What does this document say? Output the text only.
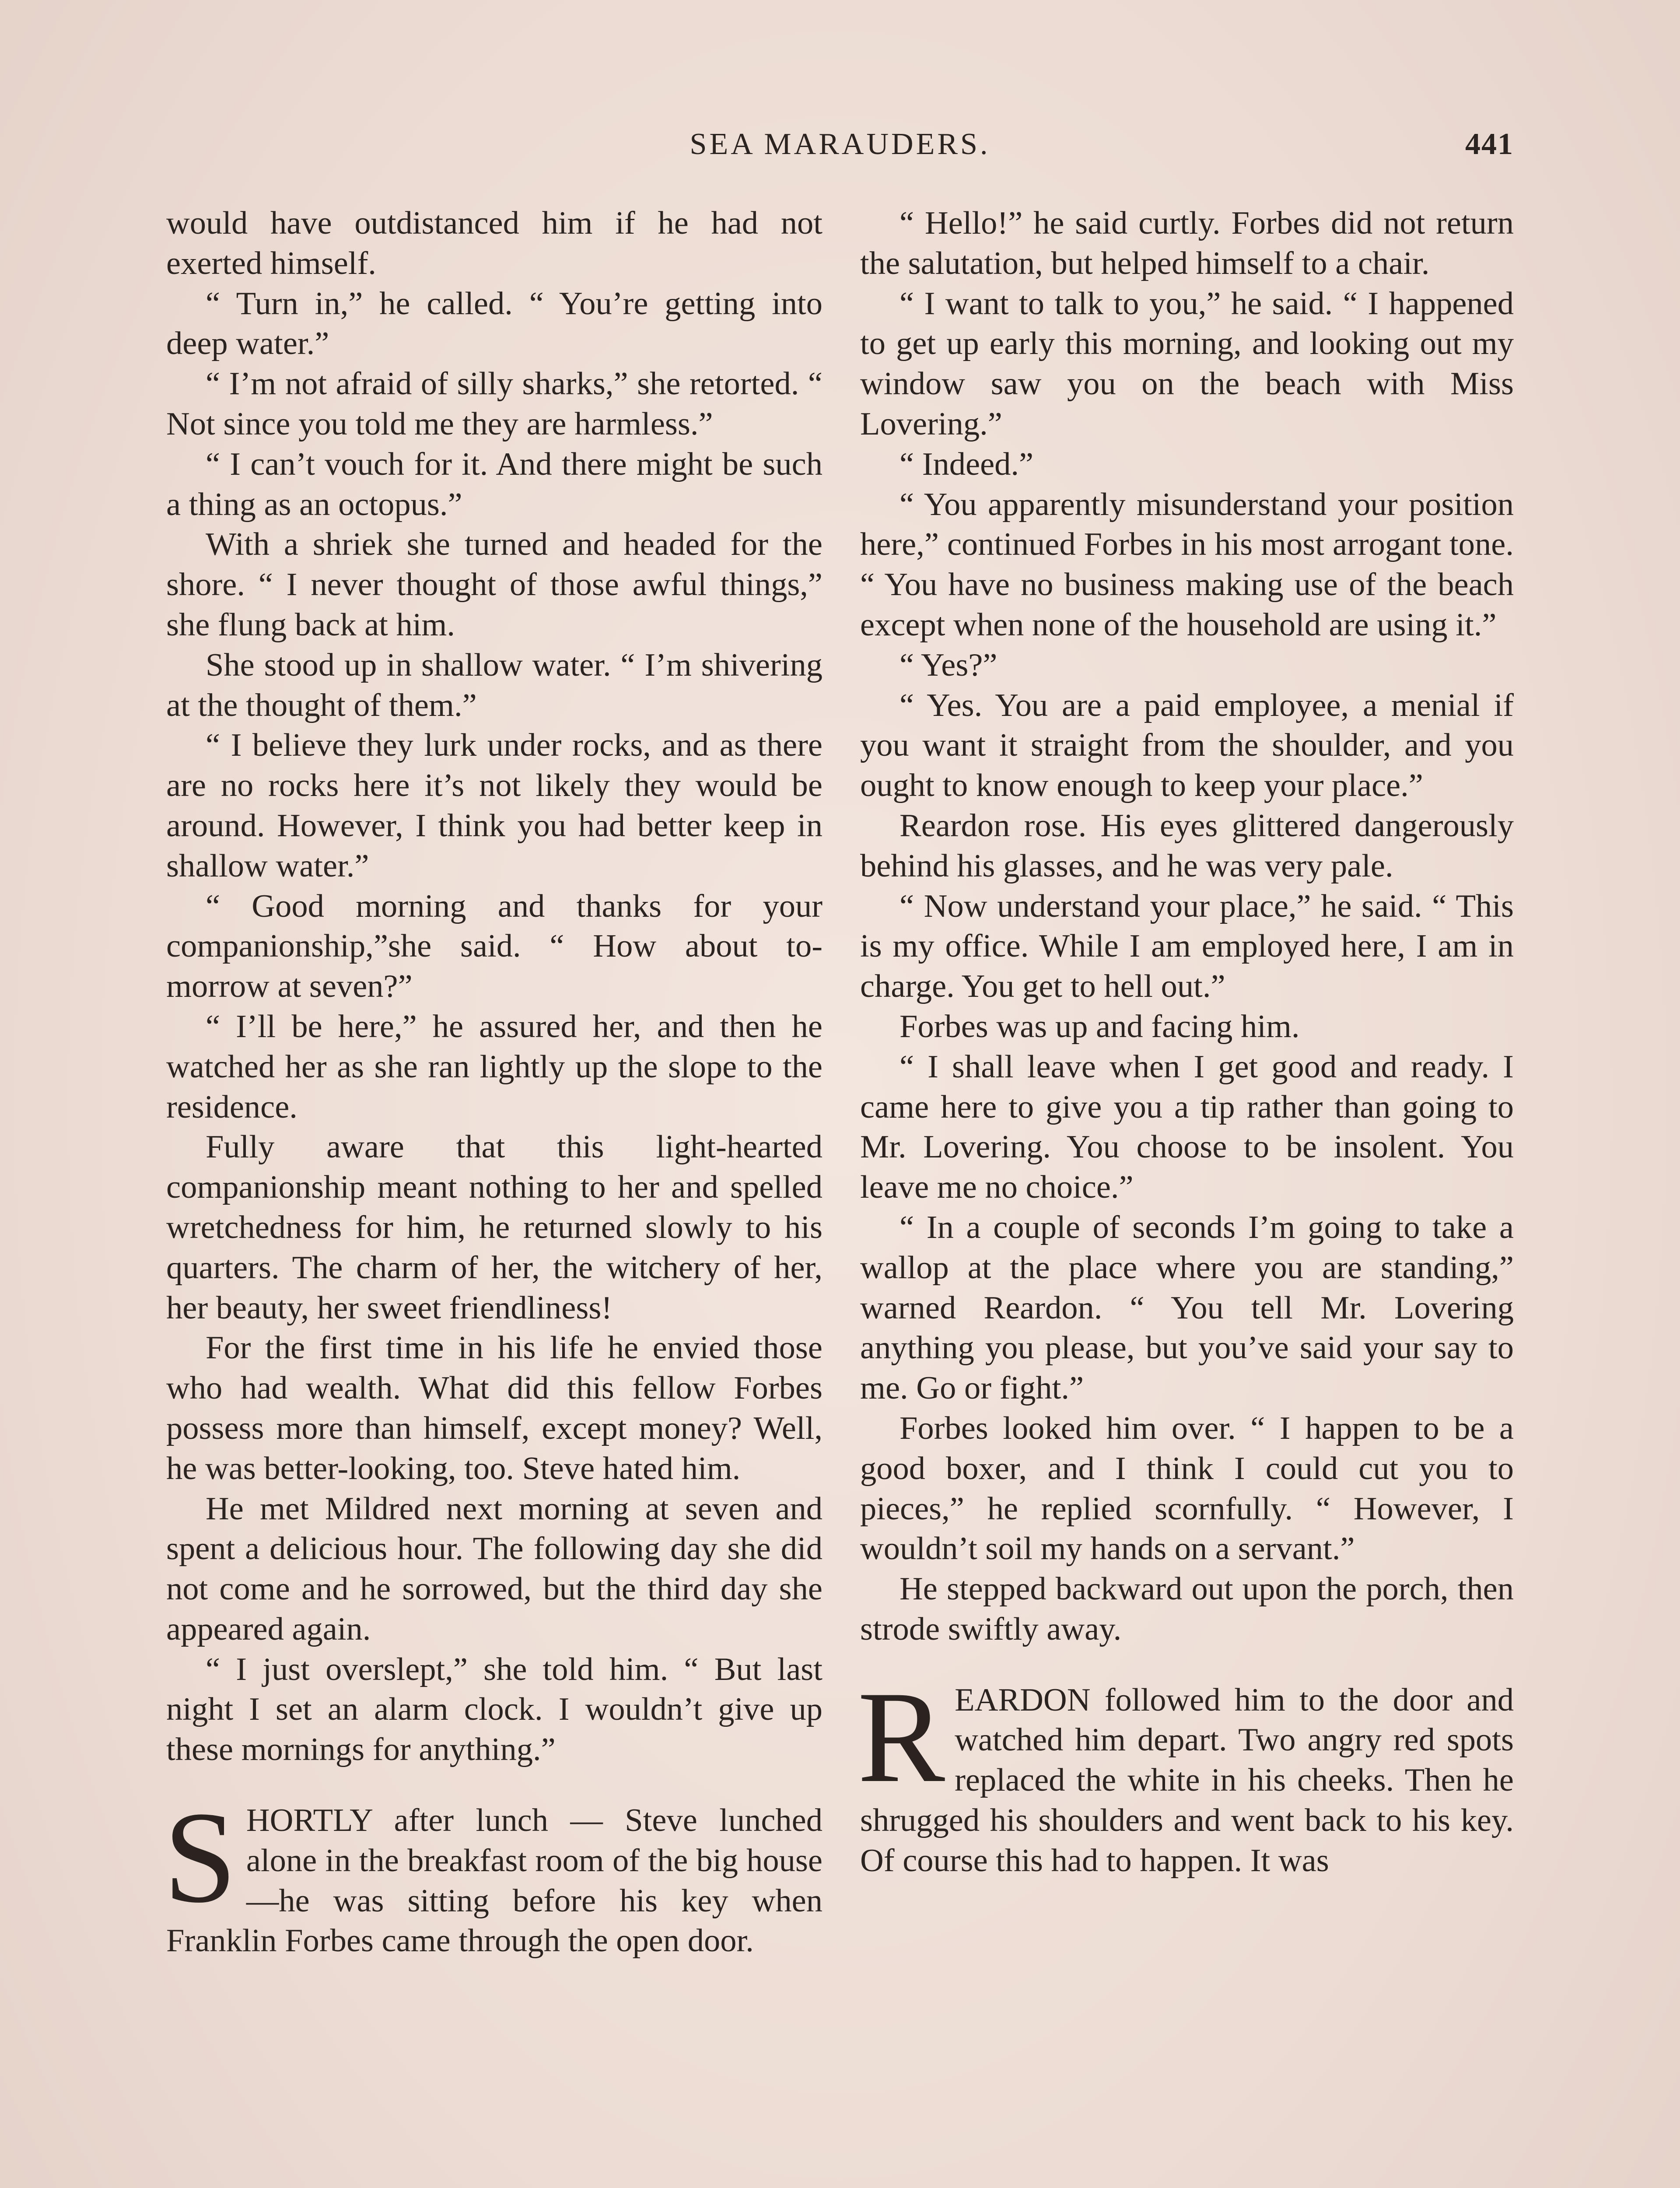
SEA MARAUDERS.	441

would have outdistanced him if he had not exerted himself.

“ Turn in,” he called. “ You’re getting into deep water.”

“ I’m not afraid of silly sharks,” she retorted. “ Not since you told me they are harmless.”

“ I can’t vouch for it. And there might be such a thing as an octopus.”

With a shriek she turned and headed for the shore. “ I never thought of those awful things,” she flung back at him.

She stood up in shallow water. “ I’m shivering at the thought of them.”

“ I believe they lurk under rocks, and as there are no rocks here it’s not likely they would be around. However, I think you had better keep in shallow water.”

“ Good morning and thanks for your companionship,”she said. “ How about to-morrow at seven?”

“ I’ll be here,” he assured her, and then he watched her as she ran lightly up the slope to the residence.

Fully aware that this light-hearted companionship meant nothing to her and spelled wretchedness for him, he returned slowly to his quarters. The charm of her, the witchery of her, her beauty, her sweet friendliness!

For the first time in his life he envied those who had wealth. What did this fellow Forbes possess more than himself, except money? Well, he was better-looking, too. Steve hated him.

He met Mildred next morning at seven and spent a delicious hour. The following day she did not come and he sorrowed, but the third day she appeared again.

“ I just overslept,” she told him. “ But last night I set an alarm clock. I wouldn’t give up these mornings for anything.”

SHORTLY after lunch — Steve lunched alone in the breakfast room of the big house—he was sitting before his key when Franklin Forbes came through the open door.

“ Hello!” he said curtly. Forbes did not return the salutation, but helped himself to a chair.

“ I want to talk to you,” he said. “ I happened to get up early this morning, and looking out my window saw you on the beach with Miss Lovering.”

“ Indeed.”

“ You apparently misunderstand your position here,” continued Forbes in his most arrogant tone. “ You have no business making use of the beach except when none of the household are using it.”

“ Yes?”

“ Yes. You are a paid employee, a menial if you want it straight from the shoulder, and you ought to know enough to keep your place.”

Reardon rose. His eyes glittered dangerously behind his glasses, and he was very pale.

“ Now understand your place,” he said. “ This is my office. While I am employed here, I am in charge. You get to hell out.”

Forbes was up and facing him.

“ I shall leave when I get good and ready. I came here to give you a tip rather than going to Mr. Lovering. You choose to be insolent. You leave me no choice.”

“ In a couple of seconds I’m going to take a wallop at the place where you are standing,” warned Reardon. “ You tell Mr. Lovering anything you please, but you’ve said your say to me. Go or fight.”

Forbes looked him over. “ I happen to be a good boxer, and I think I could cut you to pieces,” he replied scornfully. “ However, I wouldn’t soil my hands on a servant.”

He stepped backward out upon the porch, then strode swiftly away.

REARDON followed him to the door and watched him depart. Two angry red spots replaced the white in his cheeks. Then he shrugged his shoulders and went back to his key. Of course this had to happen. It was
